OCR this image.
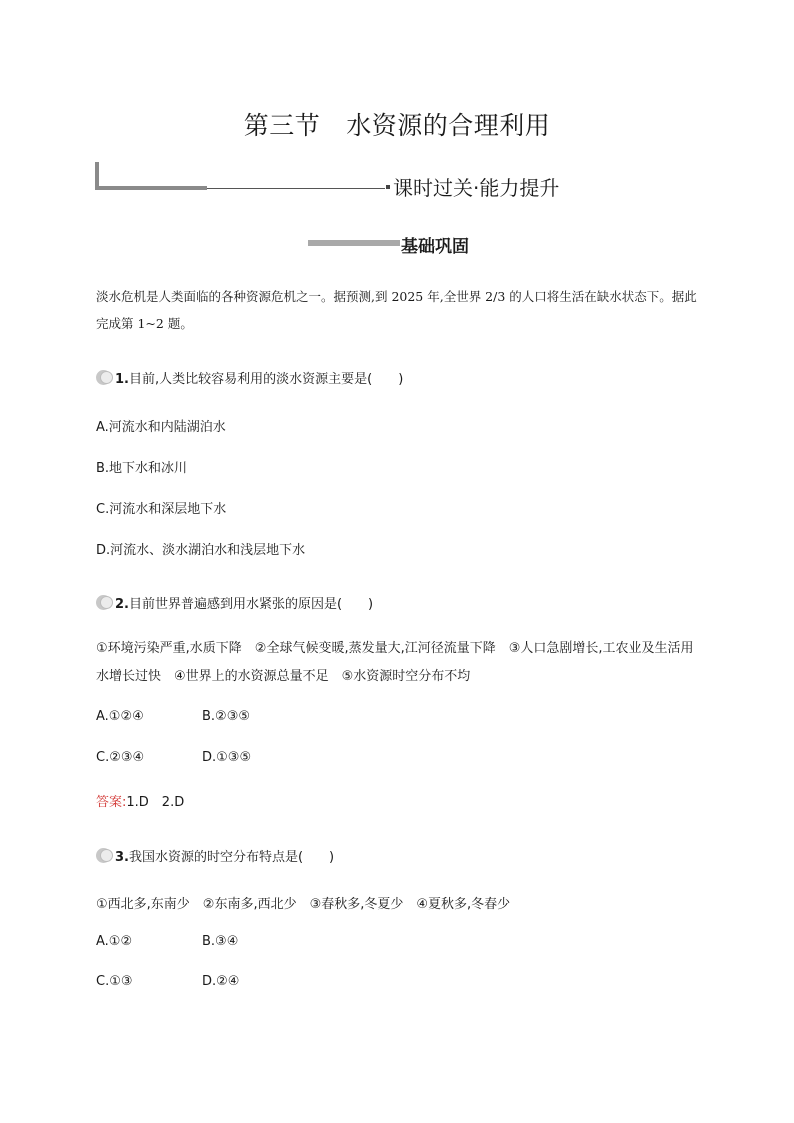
第三节 水资源的合理利用
课时过关·能力提升
基础巩固
淡水危机是人类面临的各种资源危机之一。据预测,到 2025 年,全世界 2/3 的人口将生活在缺水状态下。据此完成第 1~2 题。
1.目前,人类比较容易利用的淡水资源主要是(　　)
A.河流水和内陆湖泊水
B.地下水和冰川
C.河流水和深层地下水
D.河流水、淡水湖泊水和浅层地下水
2.目前世界普遍感到用水紧张的原因是(　　)
①环境污染严重,水质下降　②全球气候变暖,蒸发量大,江河径流量下降　③人口急剧增长,工农业及生活用水增长过快　④世界上的水资源总量不足　⑤水资源时空分布不均
A.①②④	B.②③⑤
C.②③④	D.①③⑤
答案:1.D　2.D
3.我国水资源的时空分布特点是(　　)
①西北多,东南少　②东南多,西北少　③春秋多,冬夏少　④夏秋多,冬春少
A.①②	B.③④
C.①③	D.②④
